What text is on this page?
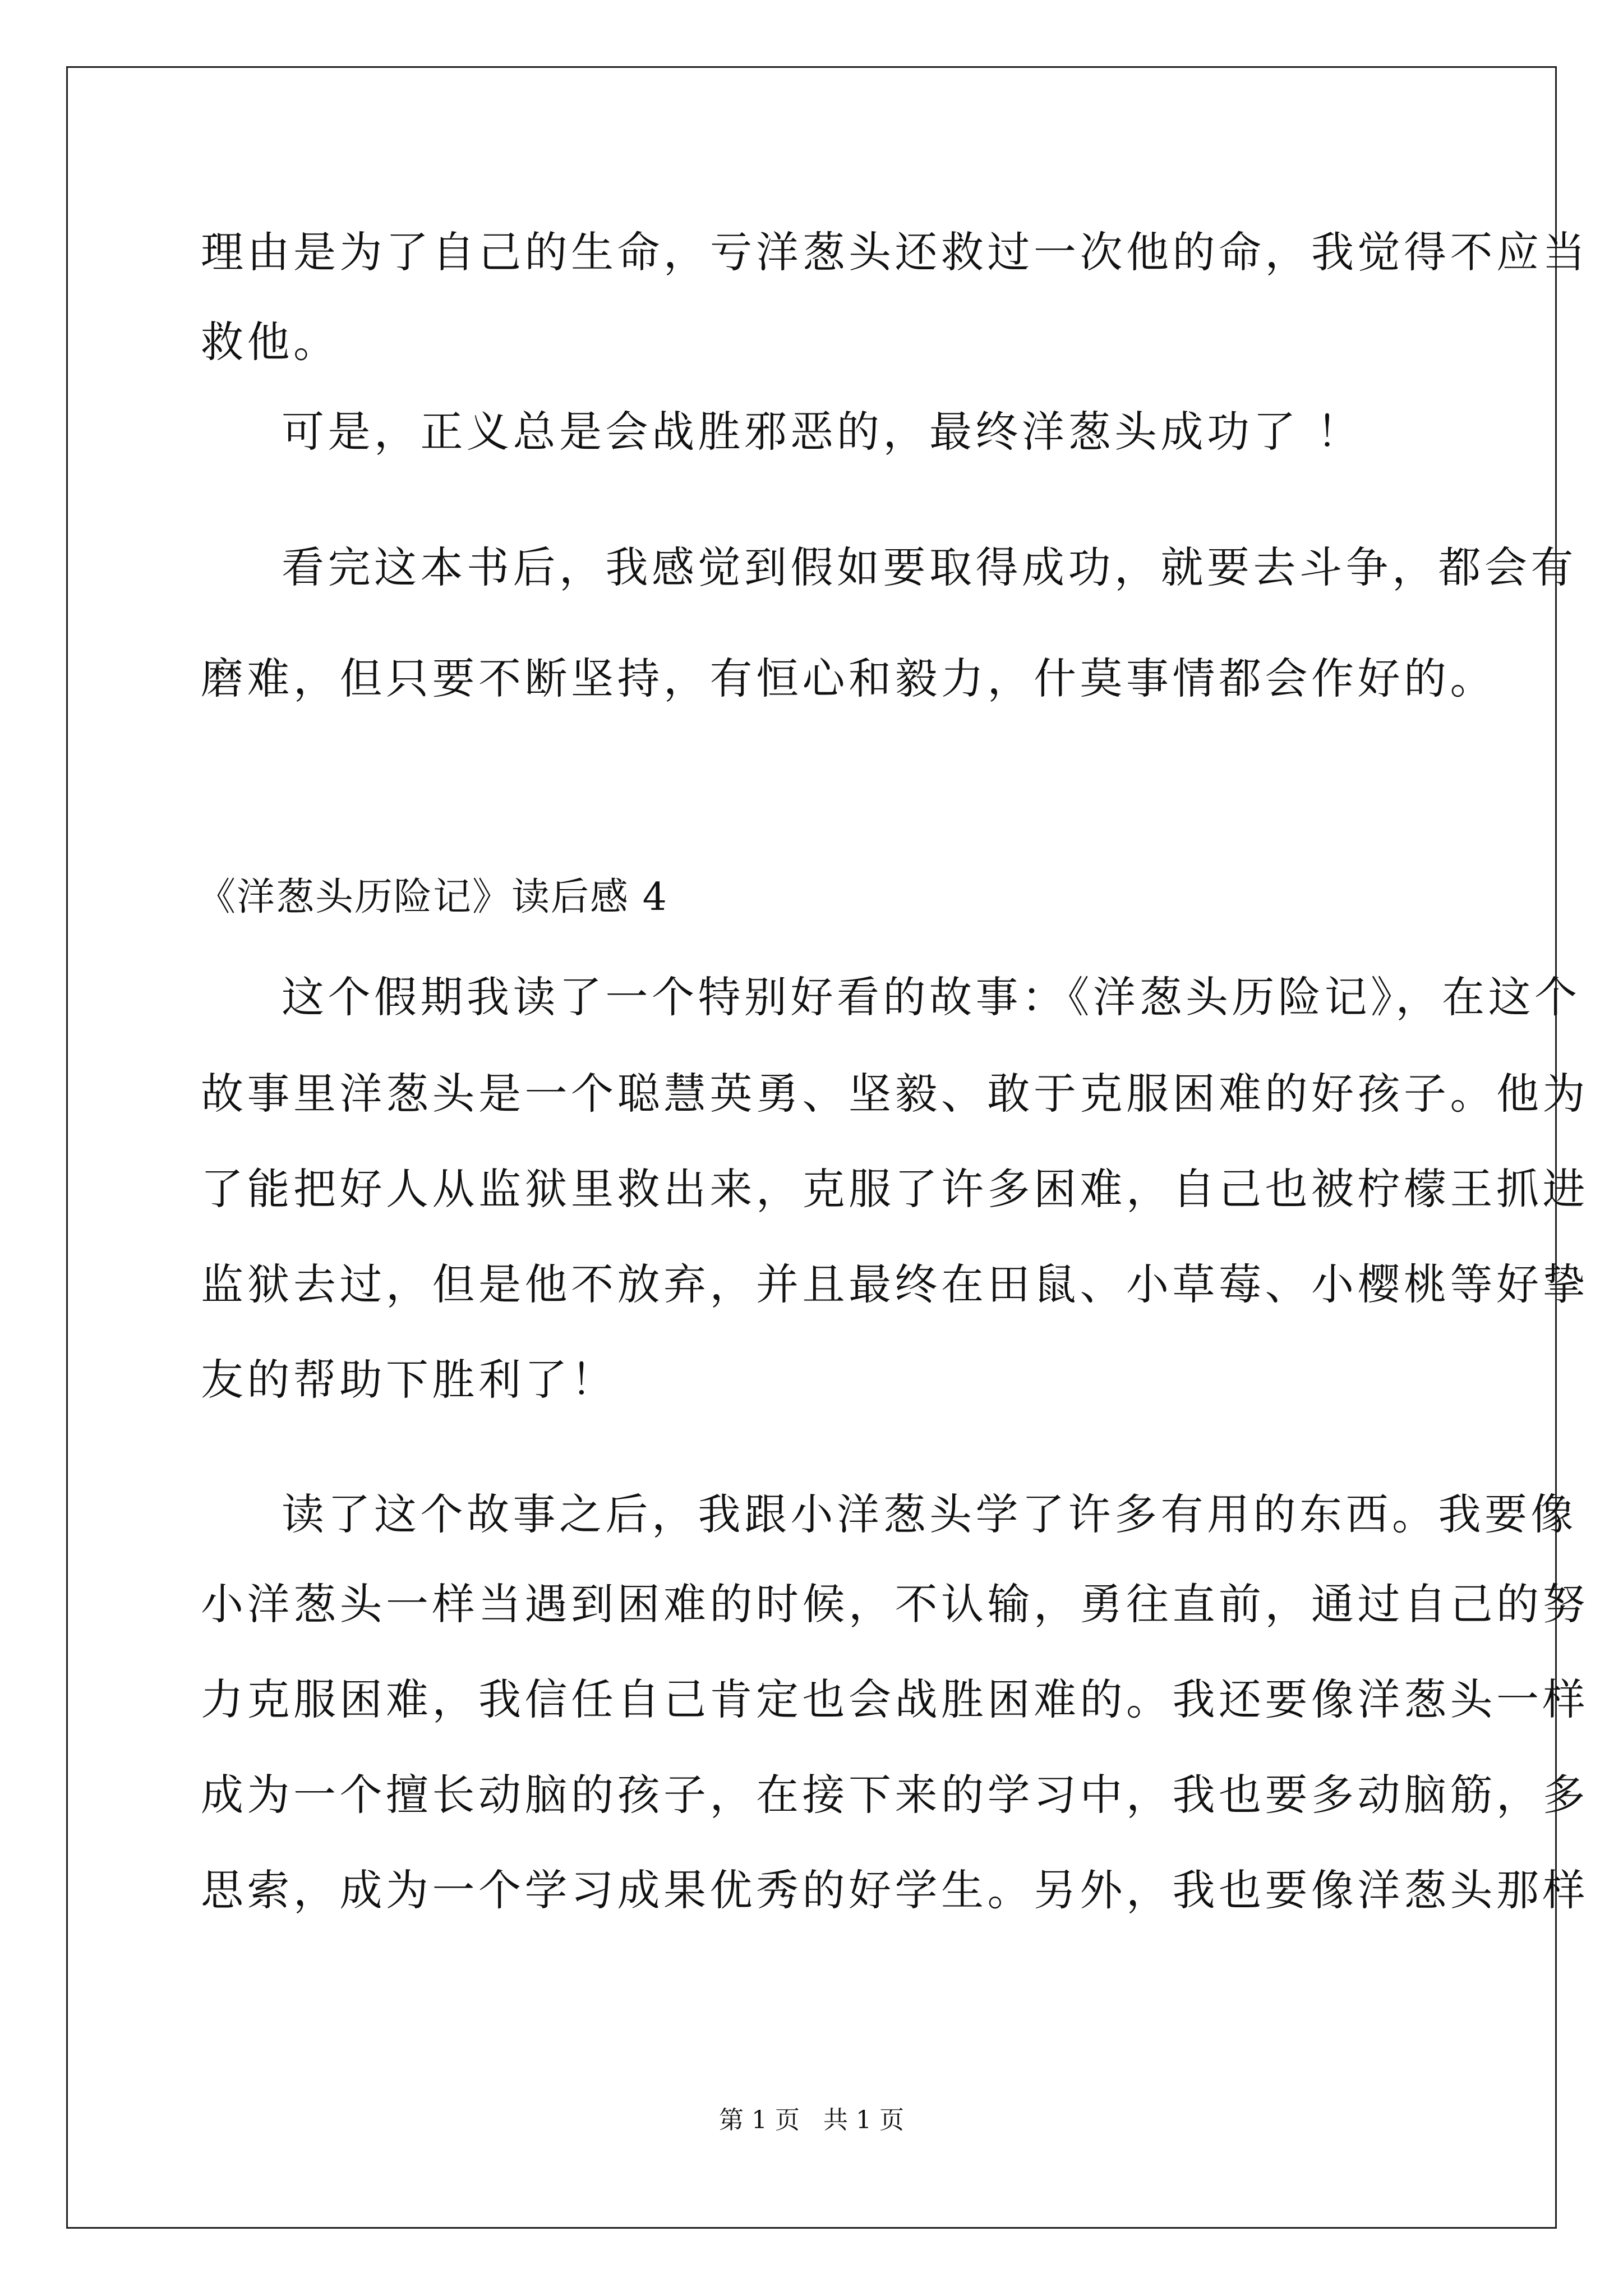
理由是为了自己的生命，亏洋葱头还救过一次他的命，我觉得不应当
救他。
可是，正义总是会战胜邪恶的，最终洋葱头成功了 ！
看完这本书后，我感觉到假如要取得成功，就要去斗争，都会有
磨难，但只要不断坚持，有恒心和毅力，什莫事情都会作好的。
《洋葱头历险记》读后感 4
这个假期我读了一个特别好看的故事：《洋葱头历险记》，在这个
故事里洋葱头是一个聪慧英勇、坚毅、敢于克服困难的好孩子。他为
了能把好人从监狱里救出来，克服了许多困难，自己也被柠檬王抓进
监狱去过，但是他不放弃，并且最终在田鼠、小草莓、小樱桃等好挚
友的帮助下胜利了！
读了这个故事之后，我跟小洋葱头学了许多有用的东西。我要像
小洋葱头一样当遇到困难的时候，不认输，勇往直前，通过自己的努
力克服困难，我信任自己肯定也会战胜困难的。我还要像洋葱头一样
成为一个擅长动脑的孩子，在接下来的学习中，我也要多动脑筋，多
思索，成为一个学习成果优秀的好学生。另外，我也要像洋葱头那样
第 1 页   共 1 页
